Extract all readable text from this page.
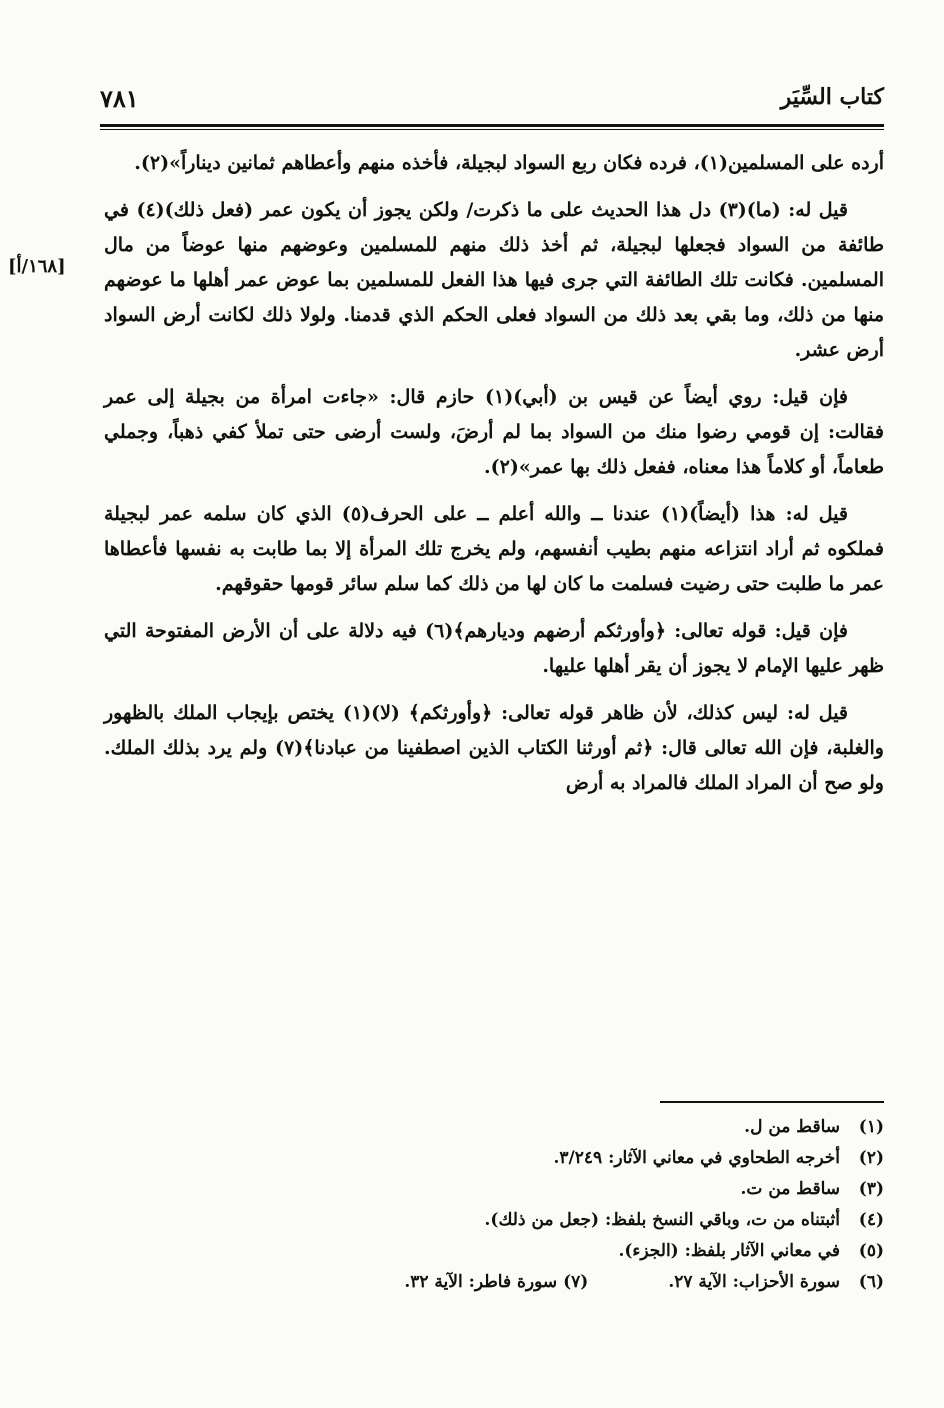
كتاب السِّيَر
٧٨١
[١٦٨/أ]

أرده على المسلمين(١)، فرده فكان ربع السواد لبجيلة، فأخذه منهم وأعطاهم ثمانين ديناراً»(٢).

قيل له: (ما)(٣) دل هذا الحديث على ما ذكرت/ ولكن يجوز أن يكون عمر (فعل ذلك)(٤) في طائفة من السواد فجعلها لبجيلة، ثم أخذ ذلك منهم للمسلمين وعوضهم منها عوضاً من مال المسلمين. فكانت تلك الطائفة التي جرى فيها هذا الفعل للمسلمين بما عوض عمر أهلها ما عوضهم منها من ذلك، وما بقي بعد ذلك من السواد فعلى الحكم الذي قدمنا. ولولا ذلك لكانت أرض السواد أرض عشر.

فإن قيل: روي أيضاً عن قيس بن (أبي)(١) حازم قال: «جاءت امرأة من بجيلة إلى عمر فقالت: إن قومي رضوا منك من السواد بما لم أرضَ، ولست أرضى حتى تملأ كفي ذهباً، وجملي طعاماً، أو كلاماً هذا معناه، ففعل ذلك بها عمر»(٢).

قيل له: هذا (أيضاً)(١) عندنا ــ والله أعلم ــ على الحرف(٥) الذي كان سلمه عمر لبجيلة فملكوه ثم أراد انتزاعه منهم بطيب أنفسهم، ولم يخرج تلك المرأة إلا بما طابت به نفسها فأعطاها عمر ما طلبت حتى رضيت فسلمت ما كان لها من ذلك كما سلم سائر قومها حقوقهم.

فإن قيل: قوله تعالى: ﴿وأورثكم أرضهم وديارهم﴾(٦) فيه دلالة على أن الأرض المفتوحة التي ظهر عليها الإمام لا يجوز أن يقر أهلها عليها.

قيل له: ليس كذلك، لأن ظاهر قوله تعالى: ﴿وأورثكم﴾ (لا)(١) يختص بإيجاب الملك بالظهور والغلبة، فإن الله تعالى قال: ﴿ثم أورثنا الكتاب الذين اصطفينا من عبادنا﴾(٧) ولم يرد بذلك الملك. ولو صح أن المراد الملك فالمراد به أرض

(١)ساقط من ل.
(٢)أخرجه الطحاوي في معاني الآثار: ٣/٢٤٩.
(٣)ساقط من ت.
(٤)أثبتناه من ت، وباقي النسخ بلفظ: (جعل من ذلك).
(٥)في معاني الآثار بلفظ: (الجزء).
(٦)سورة الأحزاب: الآية ٢٧.(٧) سورة فاطر: الآية ٣٢.
